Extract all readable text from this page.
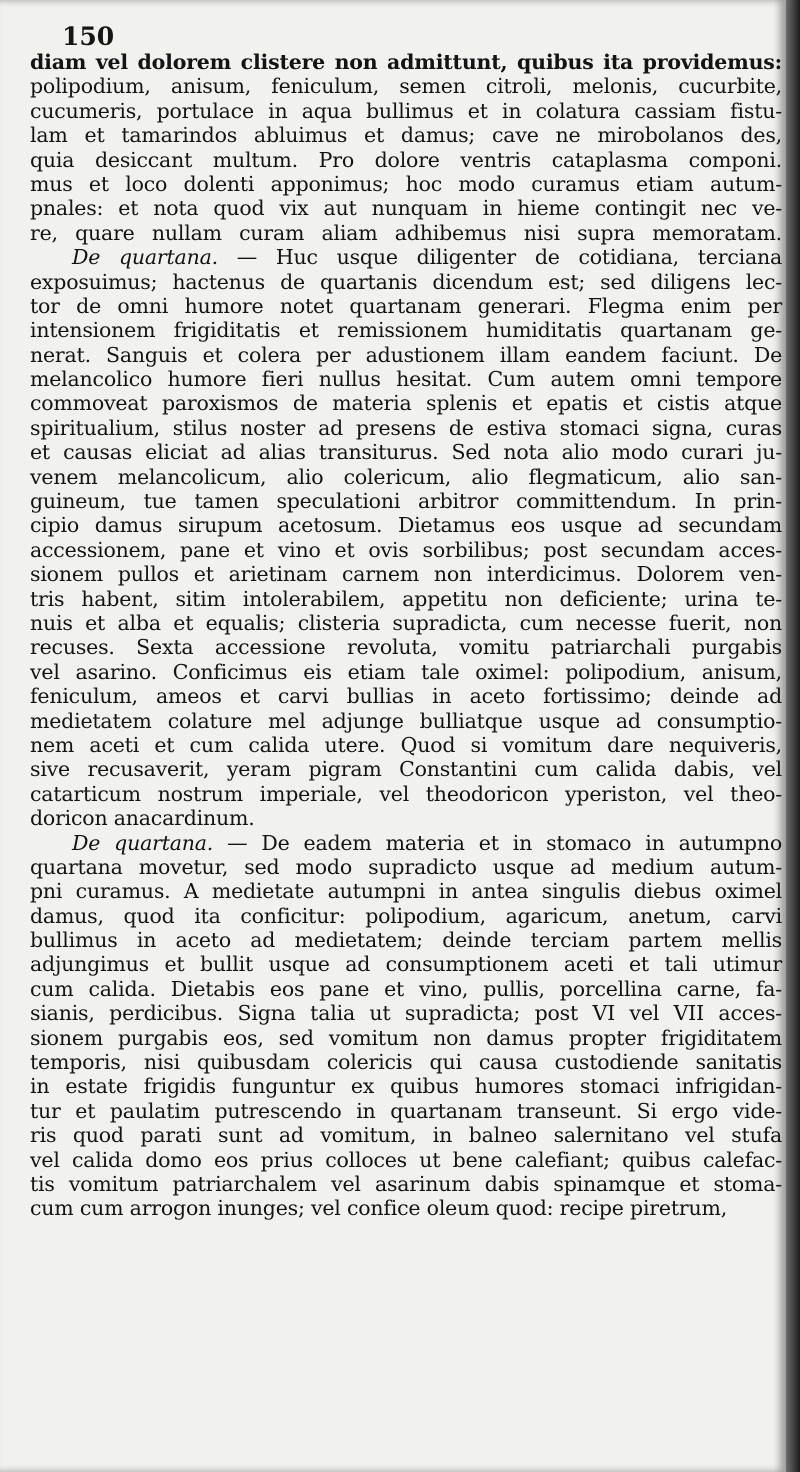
150
diam vel dolorem clistere non admittunt, quibus ita providemus:
polipodium, anisum, feniculum, semen citroli, melonis, cucurbite,
cucumeris, portulace in aqua bullimus et in colatura cassiam fistu-
lam et tamarindos abluimus et damus; cave ne mirobolanos des,
quia desiccant multum. Pro dolore ventris cataplasma componi.
mus et loco dolenti apponimus; hoc modo curamus etiam autum-
pnales: et nota quod vix aut nunquam in hieme contingit nec ve-
re, quare nullam curam aliam adhibemus nisi supra memoratam.
De quartana. — Huc usque diligenter de cotidiana, terciana
exposuimus; hactenus de quartanis dicendum est; sed diligens lec-
tor de omni humore notet quartanam generari. Flegma enim per
intensionem frigiditatis et remissionem humiditatis quartanam ge-
nerat. Sanguis et colera per adustionem illam eandem faciunt. De
melancolico humore fieri nullus hesitat. Cum autem omni tempore
commoveat paroxismos de materia splenis et epatis et cistis atque
spiritualium, stilus noster ad presens de estiva stomaci signa, curas
et causas eliciat ad alias transiturus. Sed nota alio modo curari ju-
venem melancolicum, alio colericum, alio flegmaticum, alio san-
guineum, tue tamen speculationi arbitror committendum. In prin-
cipio damus sirupum acetosum. Dietamus eos usque ad secundam
accessionem, pane et vino et ovis sorbilibus; post secundam acces-
sionem pullos et arietinam carnem non interdicimus. Dolorem ven-
tris habent, sitim intolerabilem, appetitu non deficiente; urina te-
nuis et alba et equalis; clisteria supradicta, cum necesse fuerit, non
recuses. Sexta accessione revoluta, vomitu patriarchali purgabis
vel asarino. Conficimus eis etiam tale oximel: polipodium, anisum,
feniculum, ameos et carvi bullias in aceto fortissimo; deinde ad
medietatem colature mel adjunge bulliatque usque ad consumptio-
nem aceti et cum calida utere. Quod si vomitum dare nequiveris,
sive recusaverit, yeram pigram Constantini cum calida dabis, vel
catarticum nostrum imperiale, vel theodoricon yperiston, vel theo-
doricon anacardinum.
De quartana. — De eadem materia et in stomaco in autumpno
quartana movetur, sed modo supradicto usque ad medium autum-
pni curamus. A medietate autumpni in antea singulis diebus oximel
damus, quod ita conficitur: polipodium, agaricum, anetum, carvi
bullimus in aceto ad medietatem; deinde terciam partem mellis
adjungimus et bullit usque ad consumptionem aceti et tali utimur
cum calida. Dietabis eos pane et vino, pullis, porcellina carne, fa-
sianis, perdicibus. Signa talia ut supradicta; post VI vel VII acces-
sionem purgabis eos, sed vomitum non damus propter frigiditatem
temporis, nisi quibusdam colericis qui causa custodiende sanitatis
in estate frigidis funguntur ex quibus humores stomaci infrigidan-
tur et paulatim putrescendo in quartanam transeunt. Si ergo vide-
ris quod parati sunt ad vomitum, in balneo salernitano vel stufa
vel calida domo eos prius colloces ut bene calefiant; quibus calefac-
tis vomitum patriarchalem vel asarinum dabis spinamque et stoma-
cum cum arrogon inunges; vel confice oleum quod: recipe piretrum,
